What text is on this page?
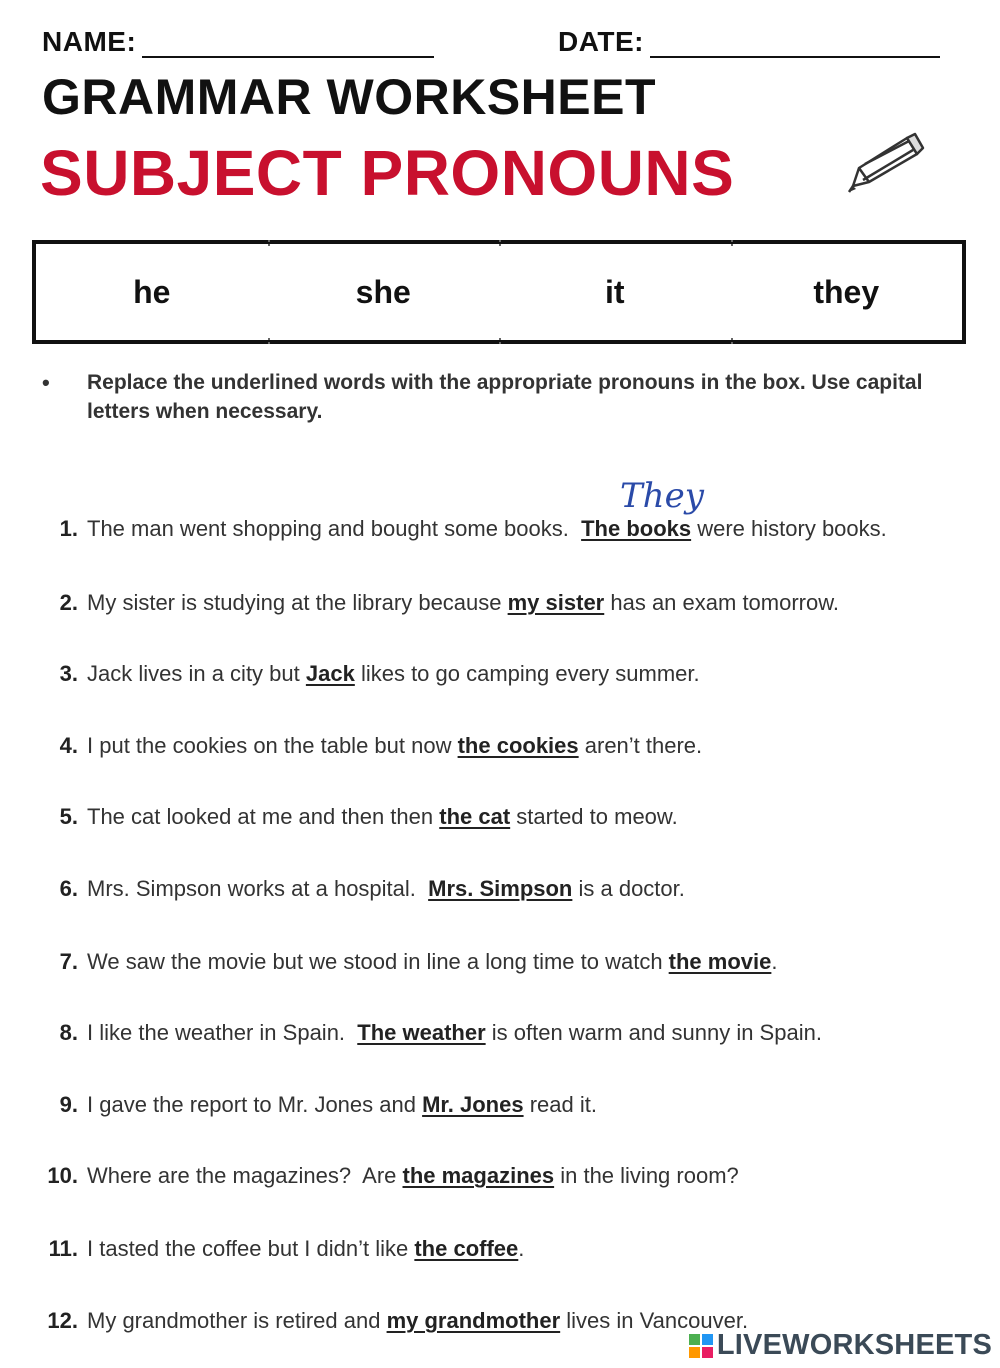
NAME:	DATE:
GRAMMAR WORKSHEET
SUBJECT PRONOUNS
he	she	it	they
• Replace the underlined words with the appropriate pronouns in the box. Use capital letters when necessary.
They
1. The man went shopping and bought some books.  The books were history books.
2. My sister is studying at the library because my sister has an exam tomorrow.
3. Jack lives in a city but Jack likes to go camping every summer.
4. I put the cookies on the table but now the cookies aren’t there.
5. The cat looked at me and then then the cat started to meow.
6. Mrs. Simpson works at a hospital.  Mrs. Simpson is a doctor.
7. We saw the movie but we stood in line a long time to watch the movie.
8. I like the weather in Spain.  The weather is often warm and sunny in Spain.
9. I gave the report to Mr. Jones and Mr. Jones read it.
10. Where are the magazines?  Are the magazines in the living room?
11. I tasted the coffee but I didn’t like the coffee.
12. My grandmother is retired and my grandmother lives in Vancouver.
LIVEWORKSHEETS
